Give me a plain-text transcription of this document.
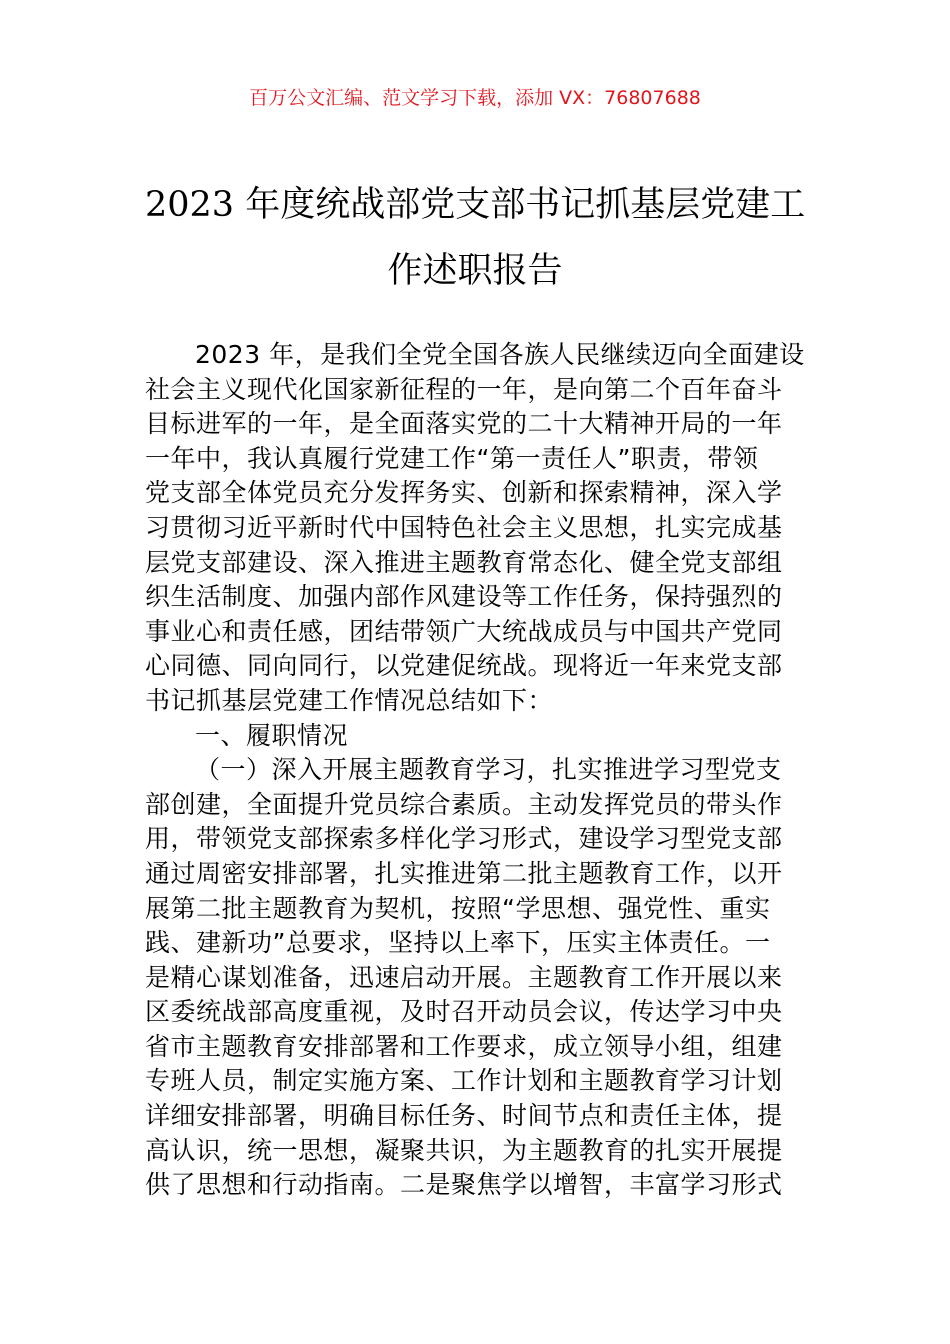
百万公文汇编、范文学习下载，添加 VX：76807688
2023 年度统战部党支部书记抓基层党建工
作述职报告
2023 年，是我们全党全国各族人民继续迈向全面建设
社会主义现代化国家新征程的一年，是向第二个百年奋斗
目标进军的一年，是全面落实党的二十大精神开局的一年
一年中，我认真履行党建工作“第一责任人”职责，带领
党支部全体党员充分发挥务实、创新和探索精神，深入学
习贯彻习近平新时代中国特色社会主义思想，扎实完成基
层党支部建设、深入推进主题教育常态化、健全党支部组
织生活制度、加强内部作风建设等工作任务，保持强烈的
事业心和责任感，团结带领广大统战成员与中国共产党同
心同德、同向同行，以党建促统战。现将近一年来党支部
书记抓基层党建工作情况总结如下：
一、履职情况
（一）深入开展主题教育学习，扎实推进学习型党支
部创建，全面提升党员综合素质。主动发挥党员的带头作
用，带领党支部探索多样化学习形式，建设学习型党支部
通过周密安排部署，扎实推进第二批主题教育工作，以开
展第二批主题教育为契机，按照“学思想、强党性、重实
践、建新功”总要求，坚持以上率下，压实主体责任。一
是精心谋划准备，迅速启动开展。主题教育工作开展以来
区委统战部高度重视，及时召开动员会议，传达学习中央
省市主题教育安排部署和工作要求，成立领导小组，组建
专班人员，制定实施方案、工作计划和主题教育学习计划
详细安排部署，明确目标任务、时间节点和责任主体，提
高认识，统一思想，凝聚共识，为主题教育的扎实开展提
供了思想和行动指南。二是聚焦学以增智，丰富学习形式
